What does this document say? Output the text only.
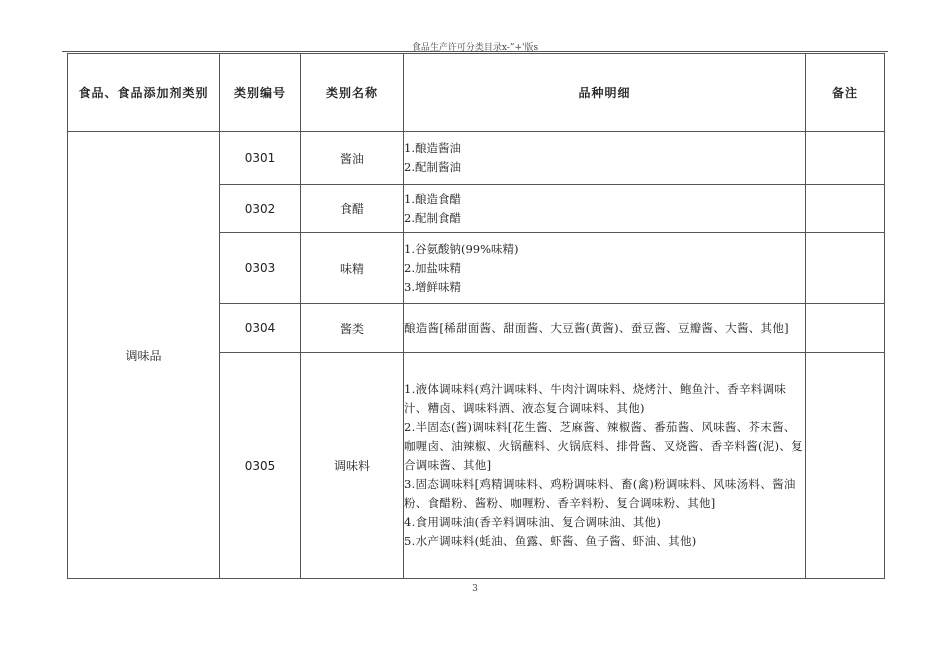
食品生产许可分类目录x-”+'版s
食品、食品添加剂类别	类别编号	类别名称	品种明细	备注
调味品	0301	酱油	1.酿造酱油
2.配制酱油	

	0302	食醋	1.酿造食醋
2.配制食醋	

	0303	味精	1.谷氨酸钠(99%味精)
2.加盐味精
3.增鲜味精	

	0304	酱类	酿造酱[稀甜面酱、甜面酱、大豆酱(黄酱)、蚕豆酱、豆瓣酱、大酱、其他]	

	0305	调味料	1.液体调味料(鸡汁调味料、牛肉汁调味料、烧烤汁、鲍鱼汁、香辛料调味汁、糟卤、调味料酒、液态复合调味料、其他)
2.半固态(酱)调味料[花生酱、芝麻酱、辣椒酱、番茄酱、风味酱、芥末酱、咖喱卤、油辣椒、火锅蘸料、火锅底料、排骨酱、叉烧酱、香辛料酱(泥)、复合调味酱、其他]
3.固态调味料[鸡精调味料、鸡粉调味料、畜(禽)粉调味料、风味汤料、酱油粉、食醋粉、酱粉、咖喱粉、香辛料粉、复合调味粉、其他]
4.食用调味油(香辛料调味油、复合调味油、其他)
5.水产调味料(蚝油、鱼露、虾酱、鱼子酱、虾油、其他)	

3
